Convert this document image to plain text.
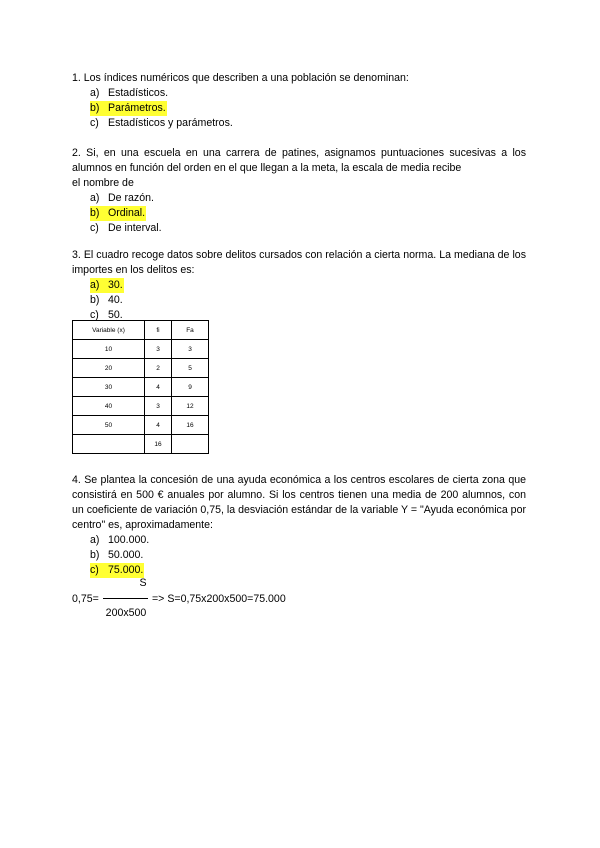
1. Los índices numéricos que describen a una población se denominan:

a) Estadísticos.
b) Parámetros.
c) Estadísticos y parámetros.

2. Si, en una escuela en una carrera de patines, asignamos puntuaciones sucesivas a los alumnos en función del orden en el que llegan a la meta, la escala de media recibe

el nombre de

a) De razón.
b) Ordinal.
c) De interval.

3. El cuadro recoge datos sobre delitos cursados con relación a cierta norma. La mediana de los importes en los delitos es:

a) 30.
b) 40.
c) 50.
Variable (x)	fi	Fa
10	3	3
20	2	5
30	4	9
40	3	12
50	4	16
	16	

4. Se plantea la concesión de una ayuda económica a los centros escolares de cierta zona que consistirá en 500 € anuales por alumno. Si los centros tienen una media de 200 alumnos, con un coeficiente de variación 0,75, la desviación estándar de la variable Y = "Ayuda económica por centro" es, aproximadamente:

a) 100.000.
b) 50.000.
c) 75.000.
S
0,75=	=> S=0,75x200x500=75.000
200x500
